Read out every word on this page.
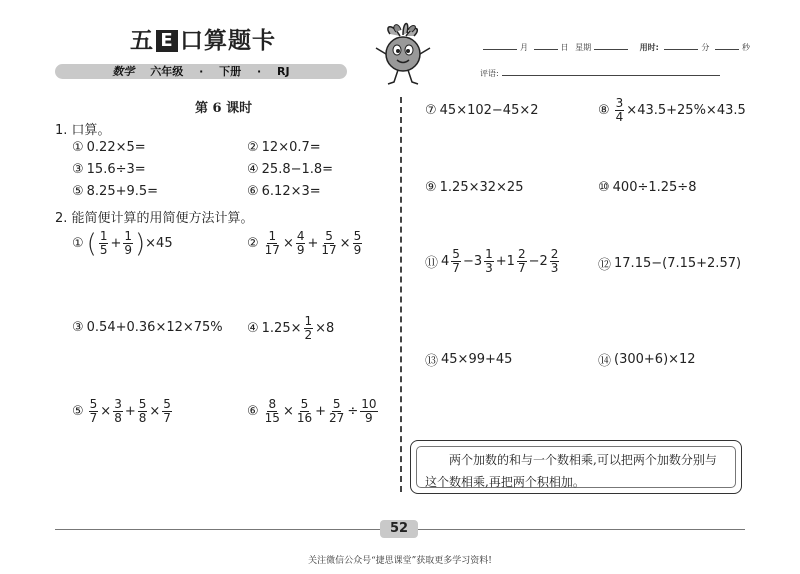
五 E 口算题卡
数学 六年级 · 下册 · RJ
月	日 星期	用时:	分	秒
评语:
第 6 课时
1. 口算。
① 0.22×5=	② 12×0.7=
③ 15.6÷3=	④ 25.8−1.8=
⑤ 8.25+9.5=	⑥ 6.12×3=
2. 能简便计算的用简便方法计算。
① ( $\frac{1}{5} + \frac{1}{9}$ ) ×45	② $\frac{1}{17} \times \frac{4}{9} + \frac{5}{17} \times \frac{5}{9}$
③ 0.54+0.36×12×75% ④ $1.25\times \frac{1}{2} \times 8$
⑤ $\frac{5}{7} \times \frac{3}{8} + \frac{5}{8} \times \frac{5}{7}$	⑥ $\frac{8}{15} \times \frac{5}{16} + \frac{5}{27} \div \frac{10}{9}$
⑦ 45×102−45×2	⑧ $\frac{3}{4} \times 43.5+25\%\times 43.5$
⑨ 1.25×32×25	⑩ 400÷1.25÷8
⑪ $4 \frac{5}{7} - 3 \frac{1}{3} + 1 \frac{2}{7} - 2 \frac{2}{3}$	⑫ 17.15−(7.15+2.57)
⑬ 45×99+45	⑭ (300+6)×12
两个加数的和与一个数相乘,可以把两个加数分别与这个数相乘,再把两个积相加。
52
关注微信公众号“捷思课堂”获取更多学习资料!
